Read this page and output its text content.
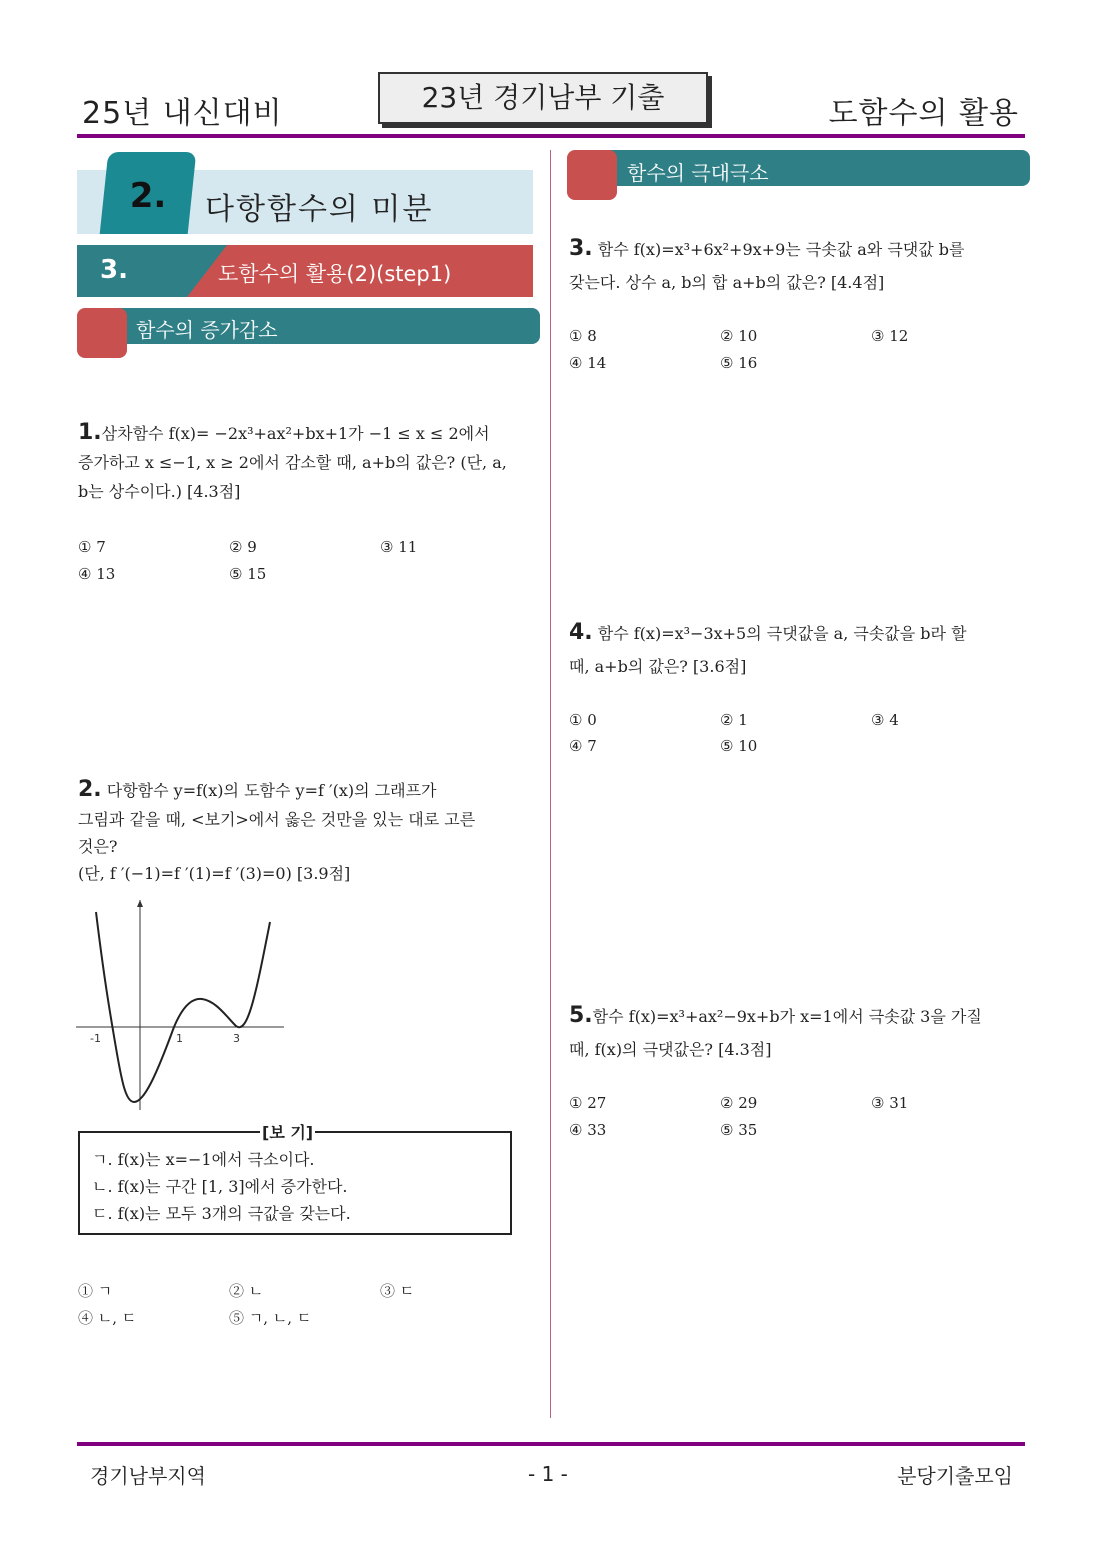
25년 내신대비	23년 경기남부 기출	도함수의 활용
2.	다항함수의 미분
3.	도함수의 활용(2)(step1)
함수의 증가감소
함수의 극대극소
1.삼차함수 f(x)= −2x³+ax²+bx+1가 −1 ≤ x ≤ 2에서
증가하고 x ≤−1, x ≥ 2에서 감소할 때, a+b의 값은? (단, a,
b는 상수이다.) [4.3점]
① 7	② 9	③ 11
④ 13	⑤ 15
2. 다항함수 y=f(x)의 도함수 y=f ′(x)의 그래프가
그림과 같을 때, <보기>에서 옳은 것만을 있는 대로 고른
것은?
(단, f ′(−1)=f ′(1)=f ′(3)=0) [3.9점]
-1	1	3
[보 기]
ㄱ. f(x)는 x=−1에서 극소이다.
ㄴ. f(x)는 구간 [1, 3]에서 증가한다.
ㄷ. f(x)는 모두 3개의 극값을 갖는다.
① ㄱ	② ㄴ	③ ㄷ
④ ㄴ, ㄷ	⑤ ㄱ, ㄴ, ㄷ
3. 함수 f(x)=x³+6x²+9x+9는 극솟값 a와 극댓값 b를
갖는다. 상수 a, b의 합 a+b의 값은? [4.4점]
① 8	② 10	③ 12
④ 14	⑤ 16
4. 함수 f(x)=x³−3x+5의 극댓값을 a, 극솟값을 b라 할
때, a+b의 값은? [3.6점]
① 0	② 1	③ 4
④ 7	⑤ 10
5.함수 f(x)=x³+ax²−9x+b가 x=1에서 극솟값 3을 가질
때, f(x)의 극댓값은? [4.3점]
① 27	② 29	③ 31
④ 33	⑤ 35
경기남부지역	- 1 -	분당기출모임
